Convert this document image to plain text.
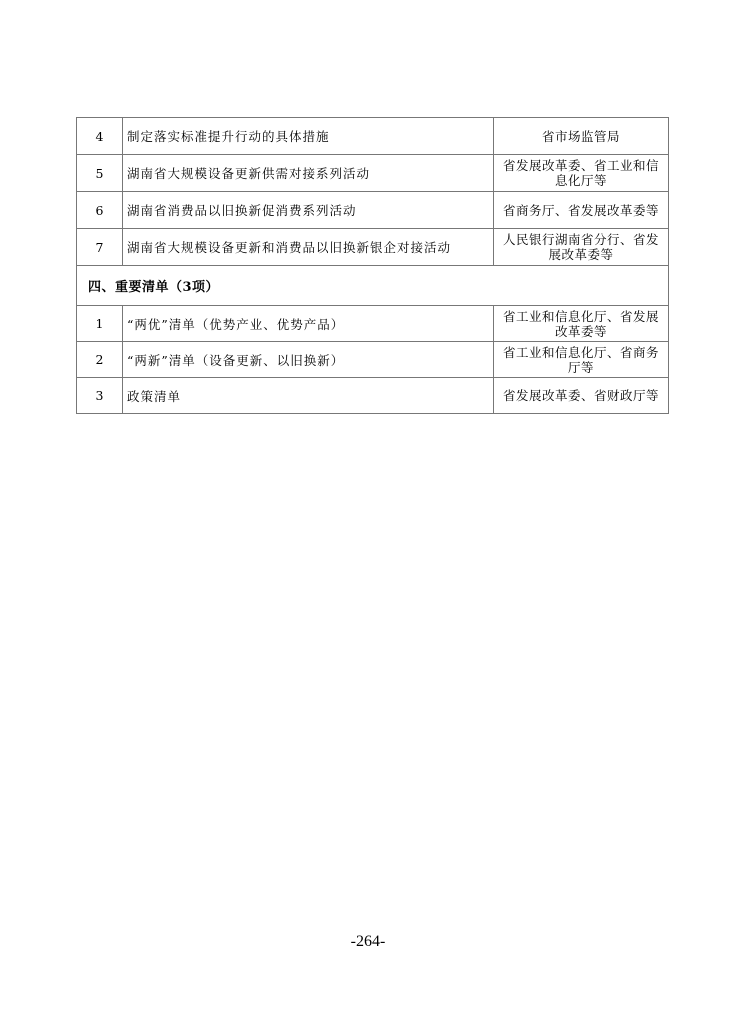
4	制定落实标准提升行动的具体措施	省市场监管局
5	湖南省大规模设备更新供需对接系列活动	省发展改革委、省工业和信息化厅等
6	湖南省消费品以旧换新促消费系列活动	省商务厅、省发展改革委等
7	湖南省大规模设备更新和消费品以旧换新银企对接活动	人民银行湖南省分行、省发展改革委等
四、重要清单（3项）		
1	“两优”清单（优势产业、优势产品）	省工业和信息化厅、省发展改革委等
2	“两新”清单（设备更新、以旧换新）	省工业和信息化厅、省商务厅等
3	政策清单	省发展改革委、省财政厅等
-264-
